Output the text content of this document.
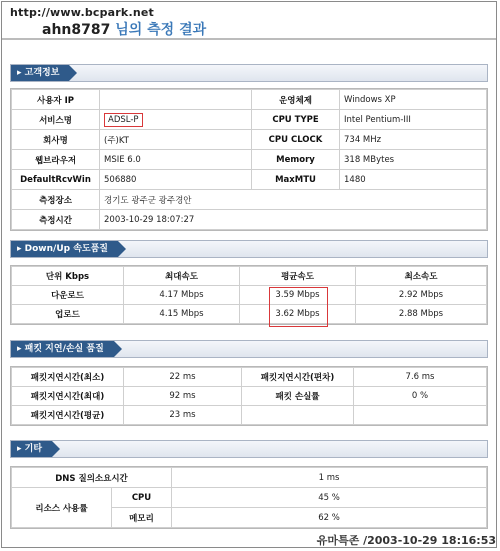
http://www.bcpark.net
ahn8787 님의 측정 결과
▸ 고객정보
사용자 IP		운영체제	Windows XP
서비스명	ADSL-P	CPU TYPE	Intel Pentium-III
회사명	(주)KT	CPU CLOCK	734 MHz
웹브라우저	MSIE 6.0	Memory	318 MBytes
DefaultRcvWin	506880	MaxMTU	1480
측정장소	경기도 광주군 광주경안		
측정시간	2003-10-29 18:07:27		
▸ Down/Up 속도품질
단위 Kbps	최대속도	평균속도	최소속도
다운로드	4.17 Mbps	3.59 Mbps	2.92 Mbps
업로드	4.15 Mbps	3.62 Mbps	2.88 Mbps
▸ 패킷 지연/손실 품질
패킷지연시간(최소)	22 ms	패킷지연시간(편차)	7.6 ms
패킷지연시간(최대)	92 ms	패킷 손실률	0 %
패킷지연시간(평균)	23 ms		
▸ 기타
DNS 질의소요시간		1 ms
리소스 사용률	CPU	45 %
	메모리	62 %
유마특존 /2003-10-29 18:16:53
